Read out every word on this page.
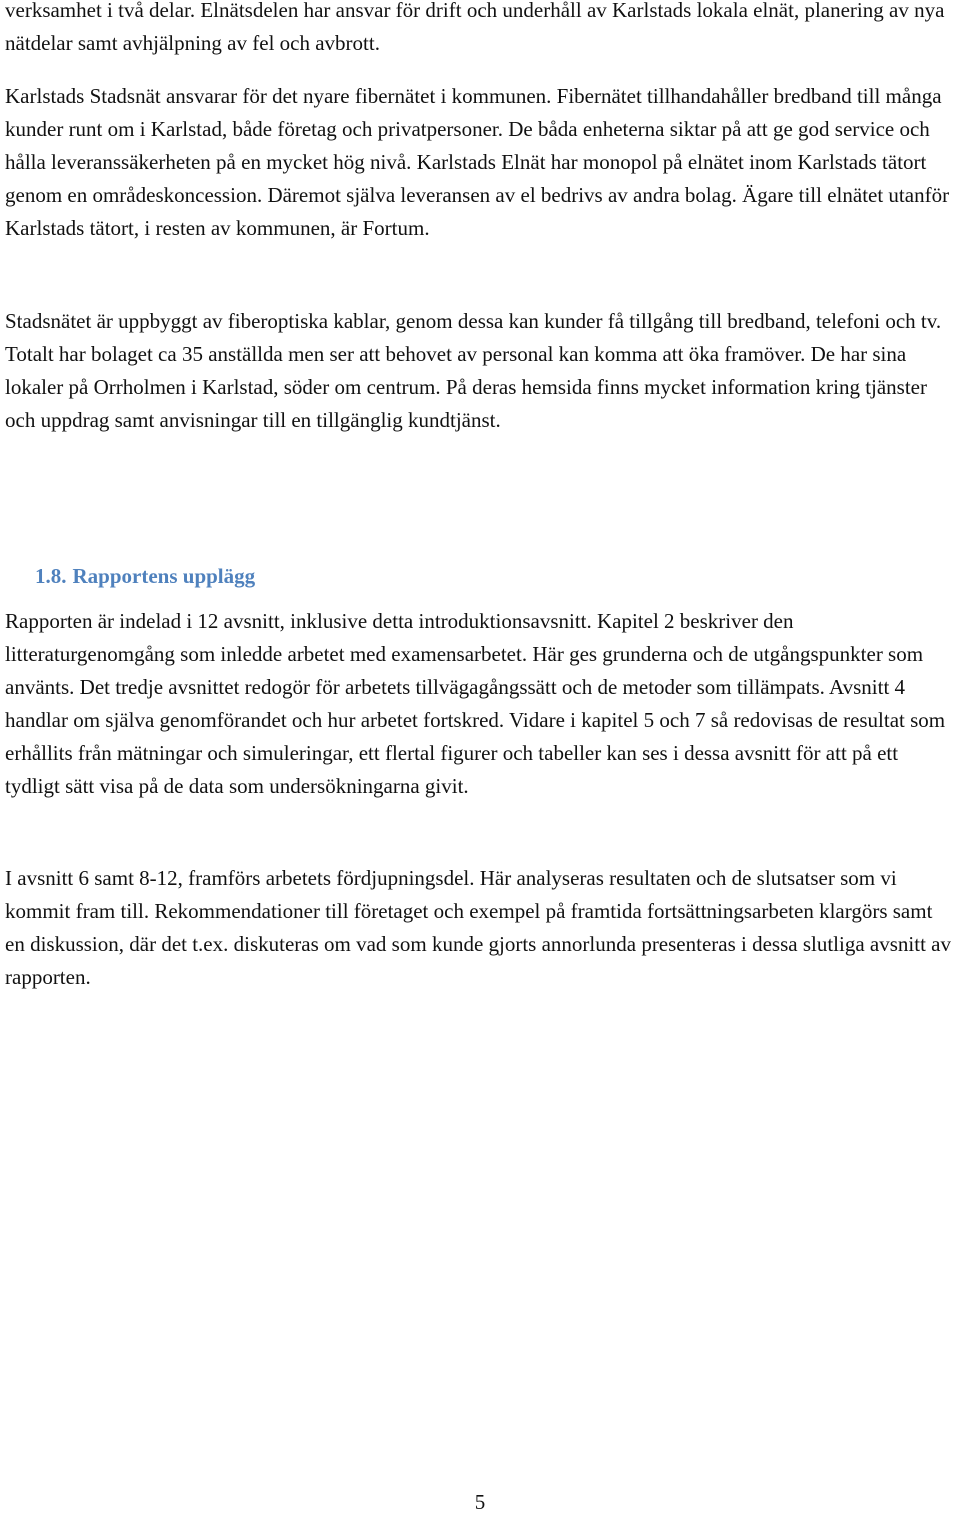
verksamhet i två delar. Elnätsdelen har ansvar för drift och underhåll av Karlstads lokala elnät, planering av nya nätdelar samt avhjälpning av fel och avbrott.

Karlstads Stadsnät ansvarar för det nyare fibernätet i kommunen. Fibernätet tillhandahåller bredband till många kunder runt om i Karlstad, både företag och privatpersoner. De båda enheterna siktar på att ge god service och hålla leveranssäkerheten på en mycket hög nivå. Karlstads Elnät har monopol på elnätet inom Karlstads tätort genom en områdeskoncession. Däremot själva leveransen av el bedrivs av andra bolag. Ägare till elnätet utanför Karlstads tätort, i resten av kommunen, är Fortum.

Stadsnätet är uppbyggt av fiberoptiska kablar, genom dessa kan kunder få tillgång till bredband, telefoni och tv. Totalt har bolaget ca 35 anställda men ser att behovet av personal kan komma att öka framöver. De har sina lokaler på Orrholmen i Karlstad, söder om centrum. På deras hemsida finns mycket information kring tjänster och uppdrag samt anvisningar till en tillgänglig kundtjänst.

1.8. Rapportens upplägg

Rapporten är indelad i 12 avsnitt, inklusive detta introduktionsavsnitt. Kapitel 2 beskriver den litteraturgenomgång som inledde arbetet med examensarbetet. Här ges grunderna och de utgångspunkter som använts. Det tredje avsnittet redogör för arbetets tillvägagångssätt och de metoder som tillämpats. Avsnitt 4 handlar om själva genomförandet och hur arbetet fortskred. Vidare i kapitel 5 och 7 så redovisas de resultat som erhållits från mätningar och simuleringar, ett flertal figurer och tabeller kan ses i dessa avsnitt för att på ett tydligt sätt visa på de data som undersökningarna givit.

I avsnitt 6 samt 8-12, framförs arbetets fördjupningsdel. Här analyseras resultaten och de slutsatser som vi kommit fram till. Rekommendationer till företaget och exempel på framtida fortsättningsarbeten klargörs samt en diskussion, där det t.ex. diskuteras om vad som kunde gjorts annorlunda presenteras i dessa slutliga avsnitt av rapporten.

5
